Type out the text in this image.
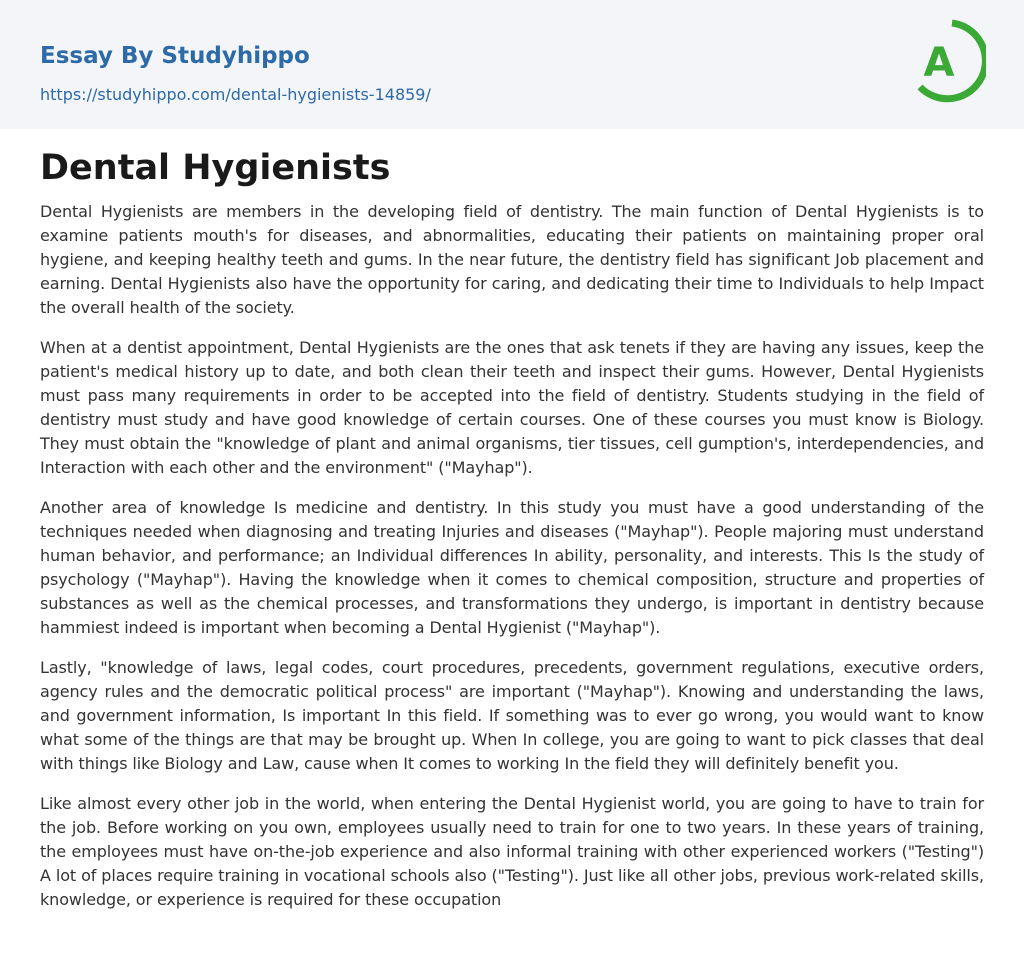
Essay By Studyhippo
https://studyhippo.com/dental-hygienists-14859/
A
Dental Hygienists

Dental Hygienists are members in the developing field of dentistry. The main function of Dental Hygienists is to examine patients mouth's for diseases, and abnormalities, educating their patients on maintaining proper oral hygiene, and keeping healthy teeth and gums. In the near future, the dentistry field has significant Job placement and earning. Dental Hygienists also have the opportunity for caring, and dedicating their time to Individuals to help Impact the overall health of the society.

When at a dentist appointment, Dental Hygienists are the ones that ask tenets if they are having any issues, keep the patient's medical history up to date, and both clean their teeth and inspect their gums. However, Dental Hygienists must pass many requirements in order to be accepted into the field of dentistry. Students studying in the field of dentistry must study and have good knowledge of certain courses. One of these courses you must know is Biology. They must obtain the "knowledge of plant and animal organisms, tier tissues, cell gumption's, interdependencies, and Interaction with each other and the environment" ("Mayhap").

Another area of knowledge Is medicine and dentistry. In this study you must have a good understanding of the techniques needed when diagnosing and treating Injuries and diseases ("Mayhap"). People majoring must understand human behavior, and performance; an Individual differences In ability, personality, and interests. This Is the study of psychology ("Mayhap"). Having the knowledge when it comes to chemical composition, structure and properties of substances as well as the chemical processes, and transformations they undergo, is important in dentistry because hammiest indeed is important when becoming a Dental Hygienist ("Mayhap").

Lastly, "knowledge of laws, legal codes, court procedures, precedents, government regulations, executive orders, agency rules and the democratic political process" are important ("Mayhap"). Knowing and understanding the laws, and government information, Is important In this field. If something was to ever go wrong, you would want to know what some of the things are that may be brought up. When In college, you are going to want to pick classes that deal with things like Biology and Law, cause when It comes to working In the field they will definitely benefit you.

Like almost every other job in the world, when entering the Dental Hygienist world, you are going to have to train for the job. Before working on you own, employees usually need to train for one to two years. In these years of training, the employees must have on-the-job experience and also informal training with other experienced workers ("Testing") A lot of places require training in vocational schools also ("Testing"). Just like all other jobs, previous work-related skills, knowledge, or experience is required for these occupation
